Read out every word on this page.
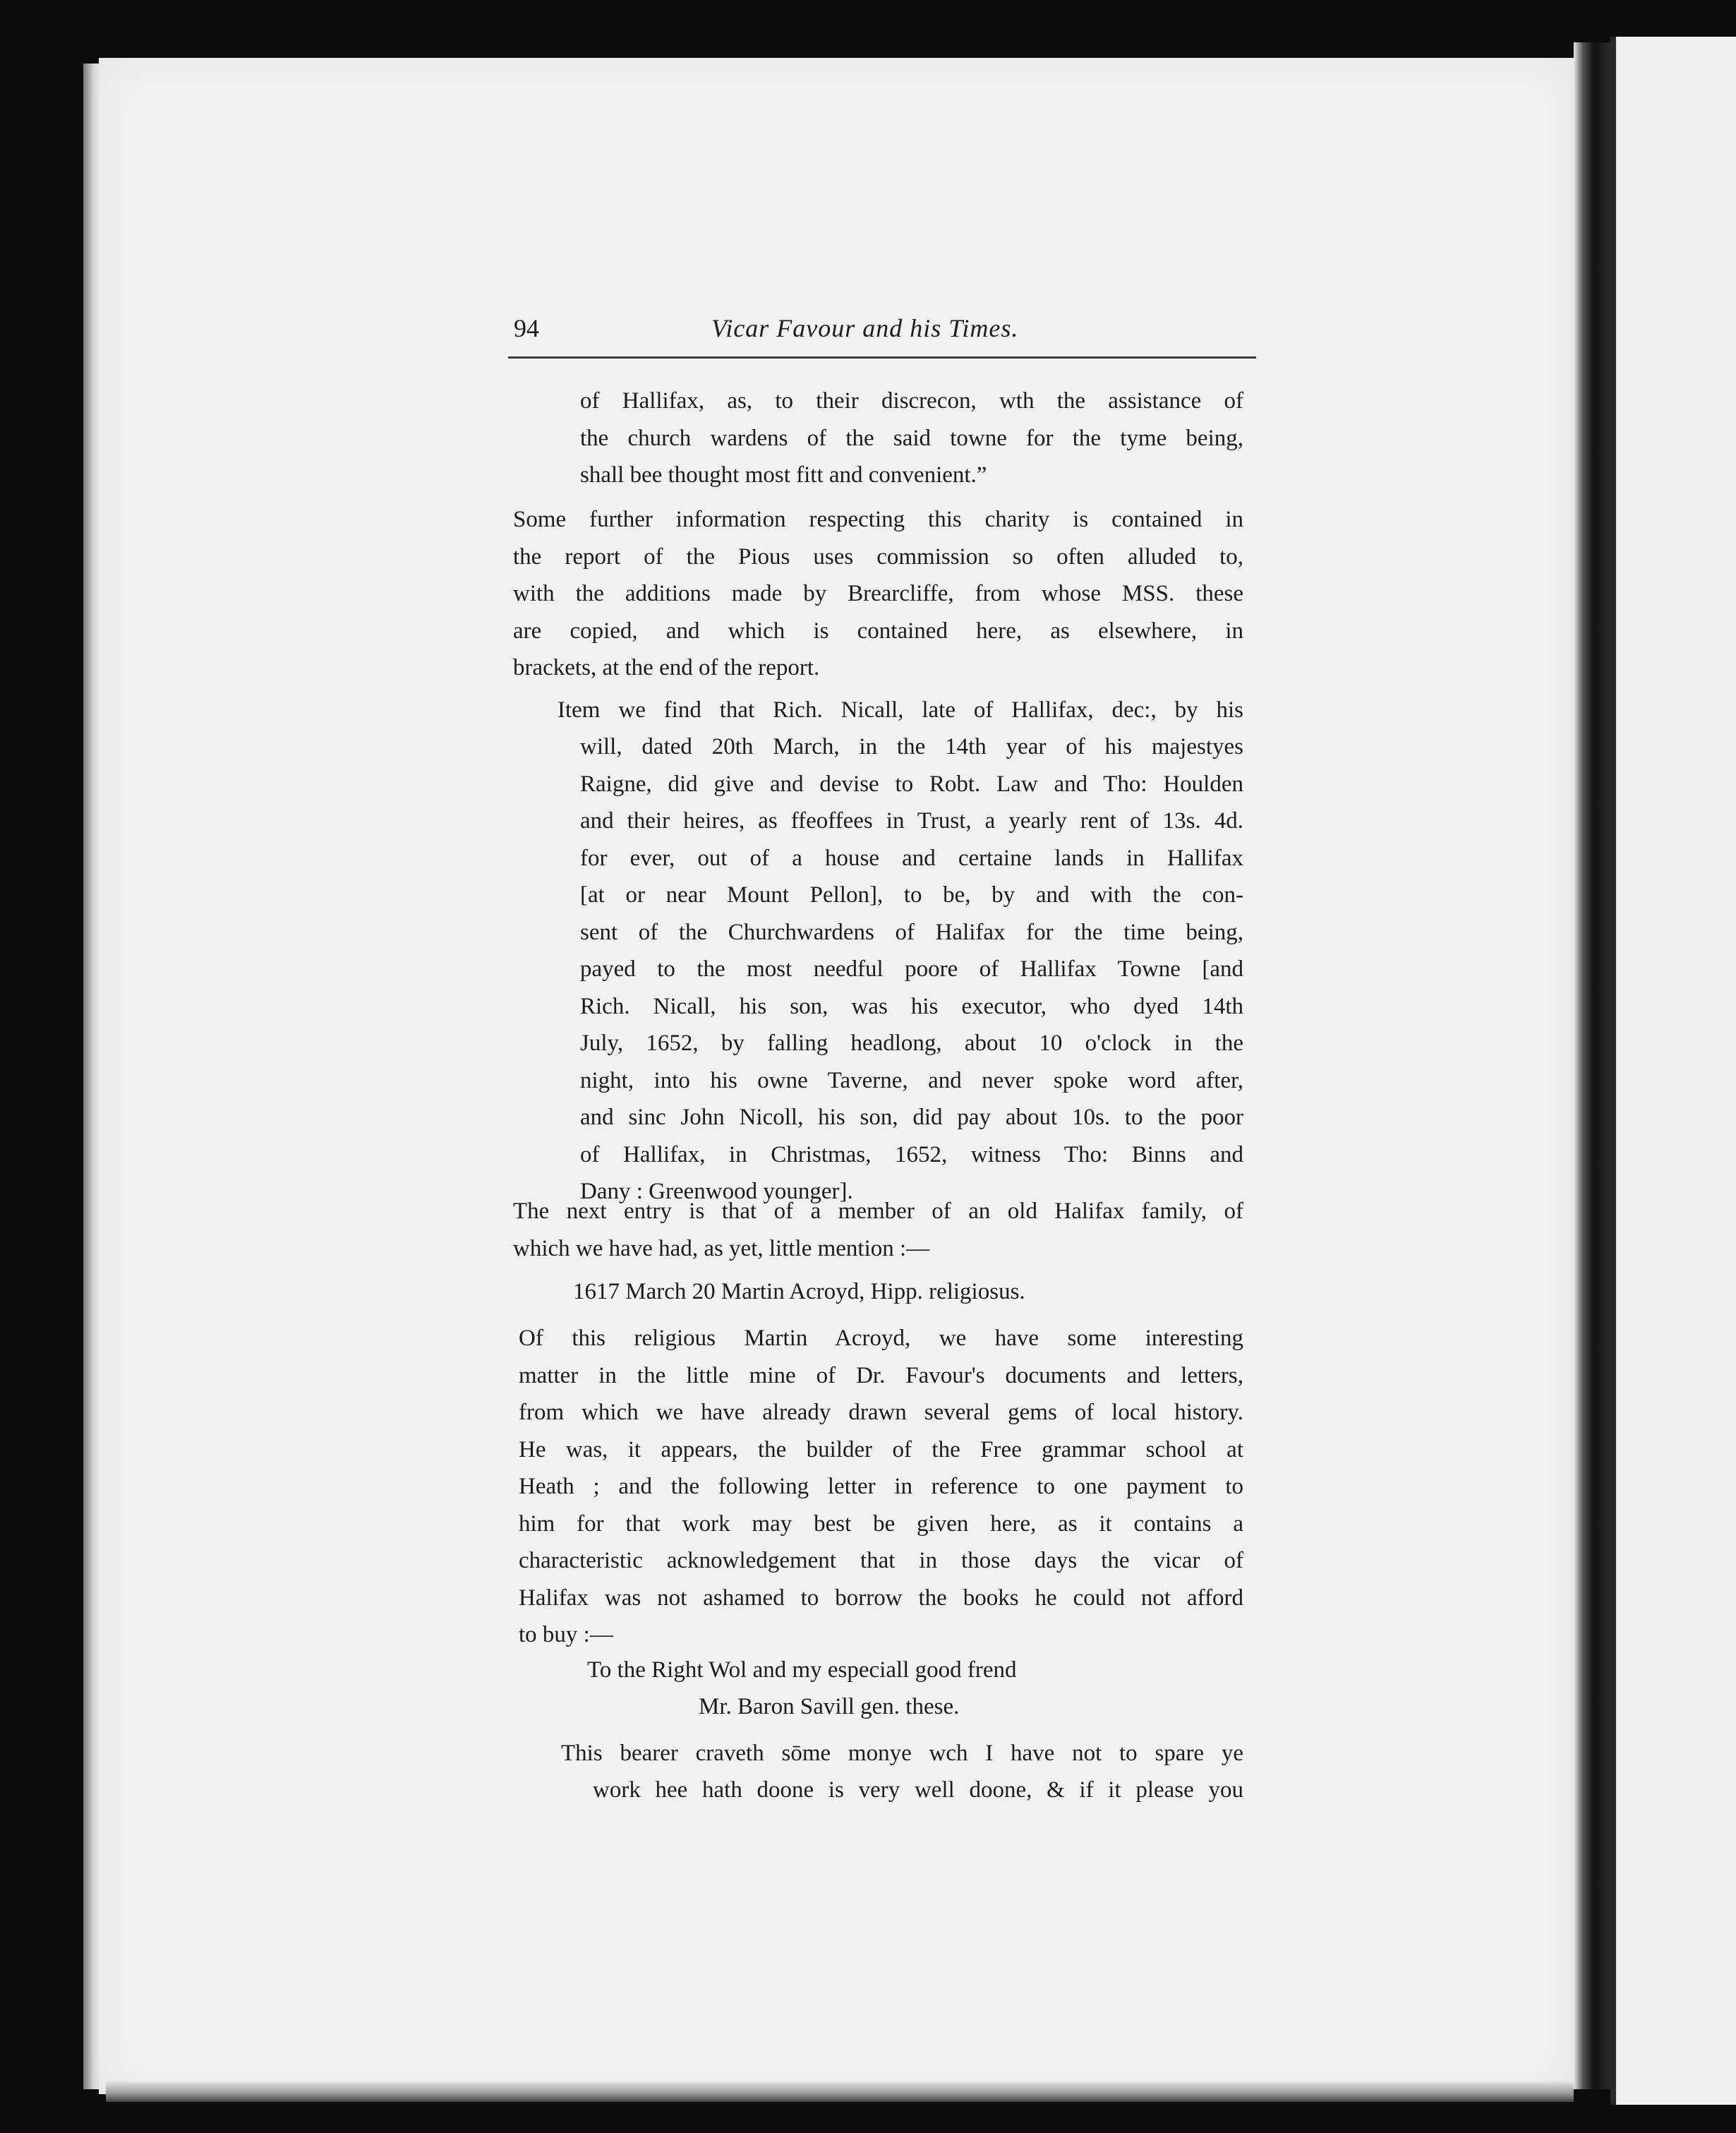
94	Vicar Favour and his Times.
of Hallifax, as, to their discrecon, wth the assistance of
the church wardens of the said towne for the tyme being,
shall bee thought most fitt and convenient.”
Some further information respecting this charity is contained in
the report of the Pious uses commission so often alluded to,
with the additions made by Brearcliffe, from whose MSS. these
are copied, and which is contained here, as elsewhere, in
brackets, at the end of the report.
Item we find that Rich. Nicall, late of Hallifax, dec:, by his
will, dated 20th March, in the 14th year of his majestyes
Raigne, did give and devise to Robt. Law and Tho: Houlden
and their heires, as ffeoffees in Trust, a yearly rent of 13s. 4d.
for ever, out of a house and certaine lands in Hallifax
[at or near Mount Pellon], to be, by and with the con-
sent of the Churchwardens of Halifax for the time being,
payed to the most needful poore of Hallifax Towne [and
Rich. Nicall, his son, was his executor, who dyed 14th
July, 1652, by falling headlong, about 10 o'clock in the
night, into his owne Taverne, and never spoke word after,
and sinc John Nicoll, his son, did pay about 10s. to the poor
of Hallifax, in Christmas, 1652, witness Tho: Binns and
Dany : Greenwood younger].
The next entry is that of a member of an old Halifax family, of
which we have had, as yet, little mention :—
1617 March 20 Martin Acroyd, Hipp. religiosus.
Of this religious Martin Acroyd, we have some interesting
matter in the little mine of Dr. Favour's documents and letters,
from which we have already drawn several gems of local history.
He was, it appears, the builder of the Free grammar school at
Heath ; and the following letter in reference to one payment to
him for that work may best be given here, as it contains a
characteristic acknowledgement that in those days the vicar of
Halifax was not ashamed to borrow the books he could not afford
to buy :—
To the Right Wol and my especiall good frend
Mr. Baron Savill gen. these.
This bearer craveth sōme monye wch I have not to spare ye
work hee hath doone is very well doone, & if it please you
